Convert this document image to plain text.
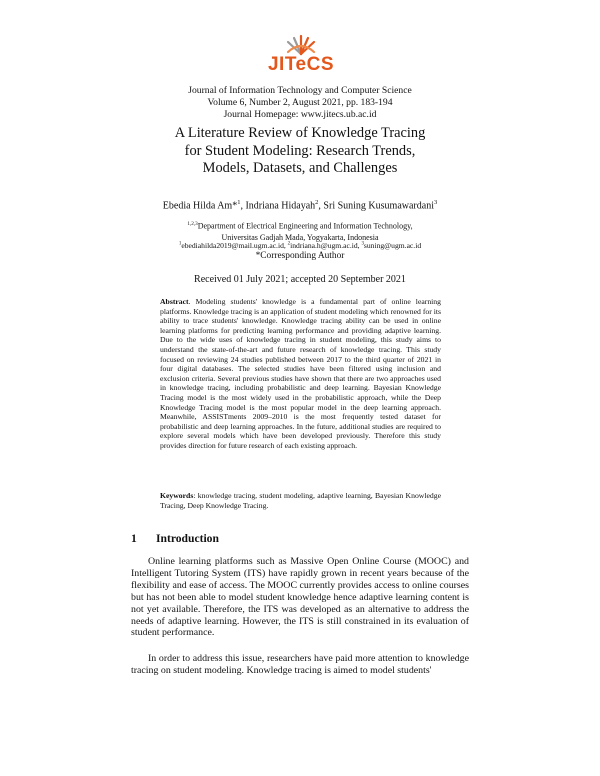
JITeCS
Journal of Information Technology and Computer Science
Volume 6, Number 2, August 2021, pp. 183-194
Journal Homepage: www.jitecs.ub.ac.id
A Literature Review of Knowledge Tracing
for Student Modeling: Research Trends,
Models, Datasets, and Challenges
Ebedia Hilda Am*$^1$, Indriana Hidayah$^2$, Sri Suning Kusumawardani$^3$
$^{1,2,3}$Department of Electrical Engineering and Information Technology,
Universitas Gadjah Mada, Yogyakarta, Indonesia
$^1$ebediahilda2019@mail.ugm.ac.id, $^2$indriana.h@ugm.ac.id, $^3$suning@ugm.ac.id
*Corresponding Author
Received 01 July 2021; accepted 20 September 2021
Abstract. Modeling students' knowledge is a fundamental part of online learning platforms. Knowledge tracing is an application of student modeling which renowned for its ability to trace students' knowledge. Knowledge tracing ability can be used in online learning platforms for predicting learning performance and providing adaptive learning. Due to the wide uses of knowledge tracing in student modeling, this study aims to understand the state-of-the-art and future research of knowledge tracing. This study focused on reviewing 24 studies published between 2017 to the third quarter of 2021 in four digital databases. The selected studies have been filtered using inclusion and exclusion criteria. Several previous studies have shown that there are two approaches used in knowledge tracing, including probabilistic and deep learning. Bayesian Knowledge Tracing model is the most widely used in the probabilistic approach, while the Deep Knowledge Tracing model is the most popular model in the deep learning approach. Meanwhile, ASSISTments 2009–2010 is the most frequently tested dataset for probabilistic and deep learning approaches. In the future, additional studies are required to explore several models which have been developed previously. Therefore this study provides direction for future research of each existing approach.
Keywords: knowledge tracing, student modeling, adaptive learning, Bayesian Knowledge Tracing, Deep Knowledge Tracing.
1 Introduction
Online learning platforms such as Massive Open Online Course (MOOC) and Intelligent Tutoring System (ITS) have rapidly grown in recent years because of the flexibility and ease of access. The MOOC currently provides access to online courses but has not been able to model student knowledge hence adaptive learning content is not yet available. Therefore, the ITS was developed as an alternative to address the needs of adaptive learning. However, the ITS is still constrained in its evaluation of student performance.
In order to address this issue, researchers have paid more attention to knowledge tracing on student modeling. Knowledge tracing is aimed to model students'
